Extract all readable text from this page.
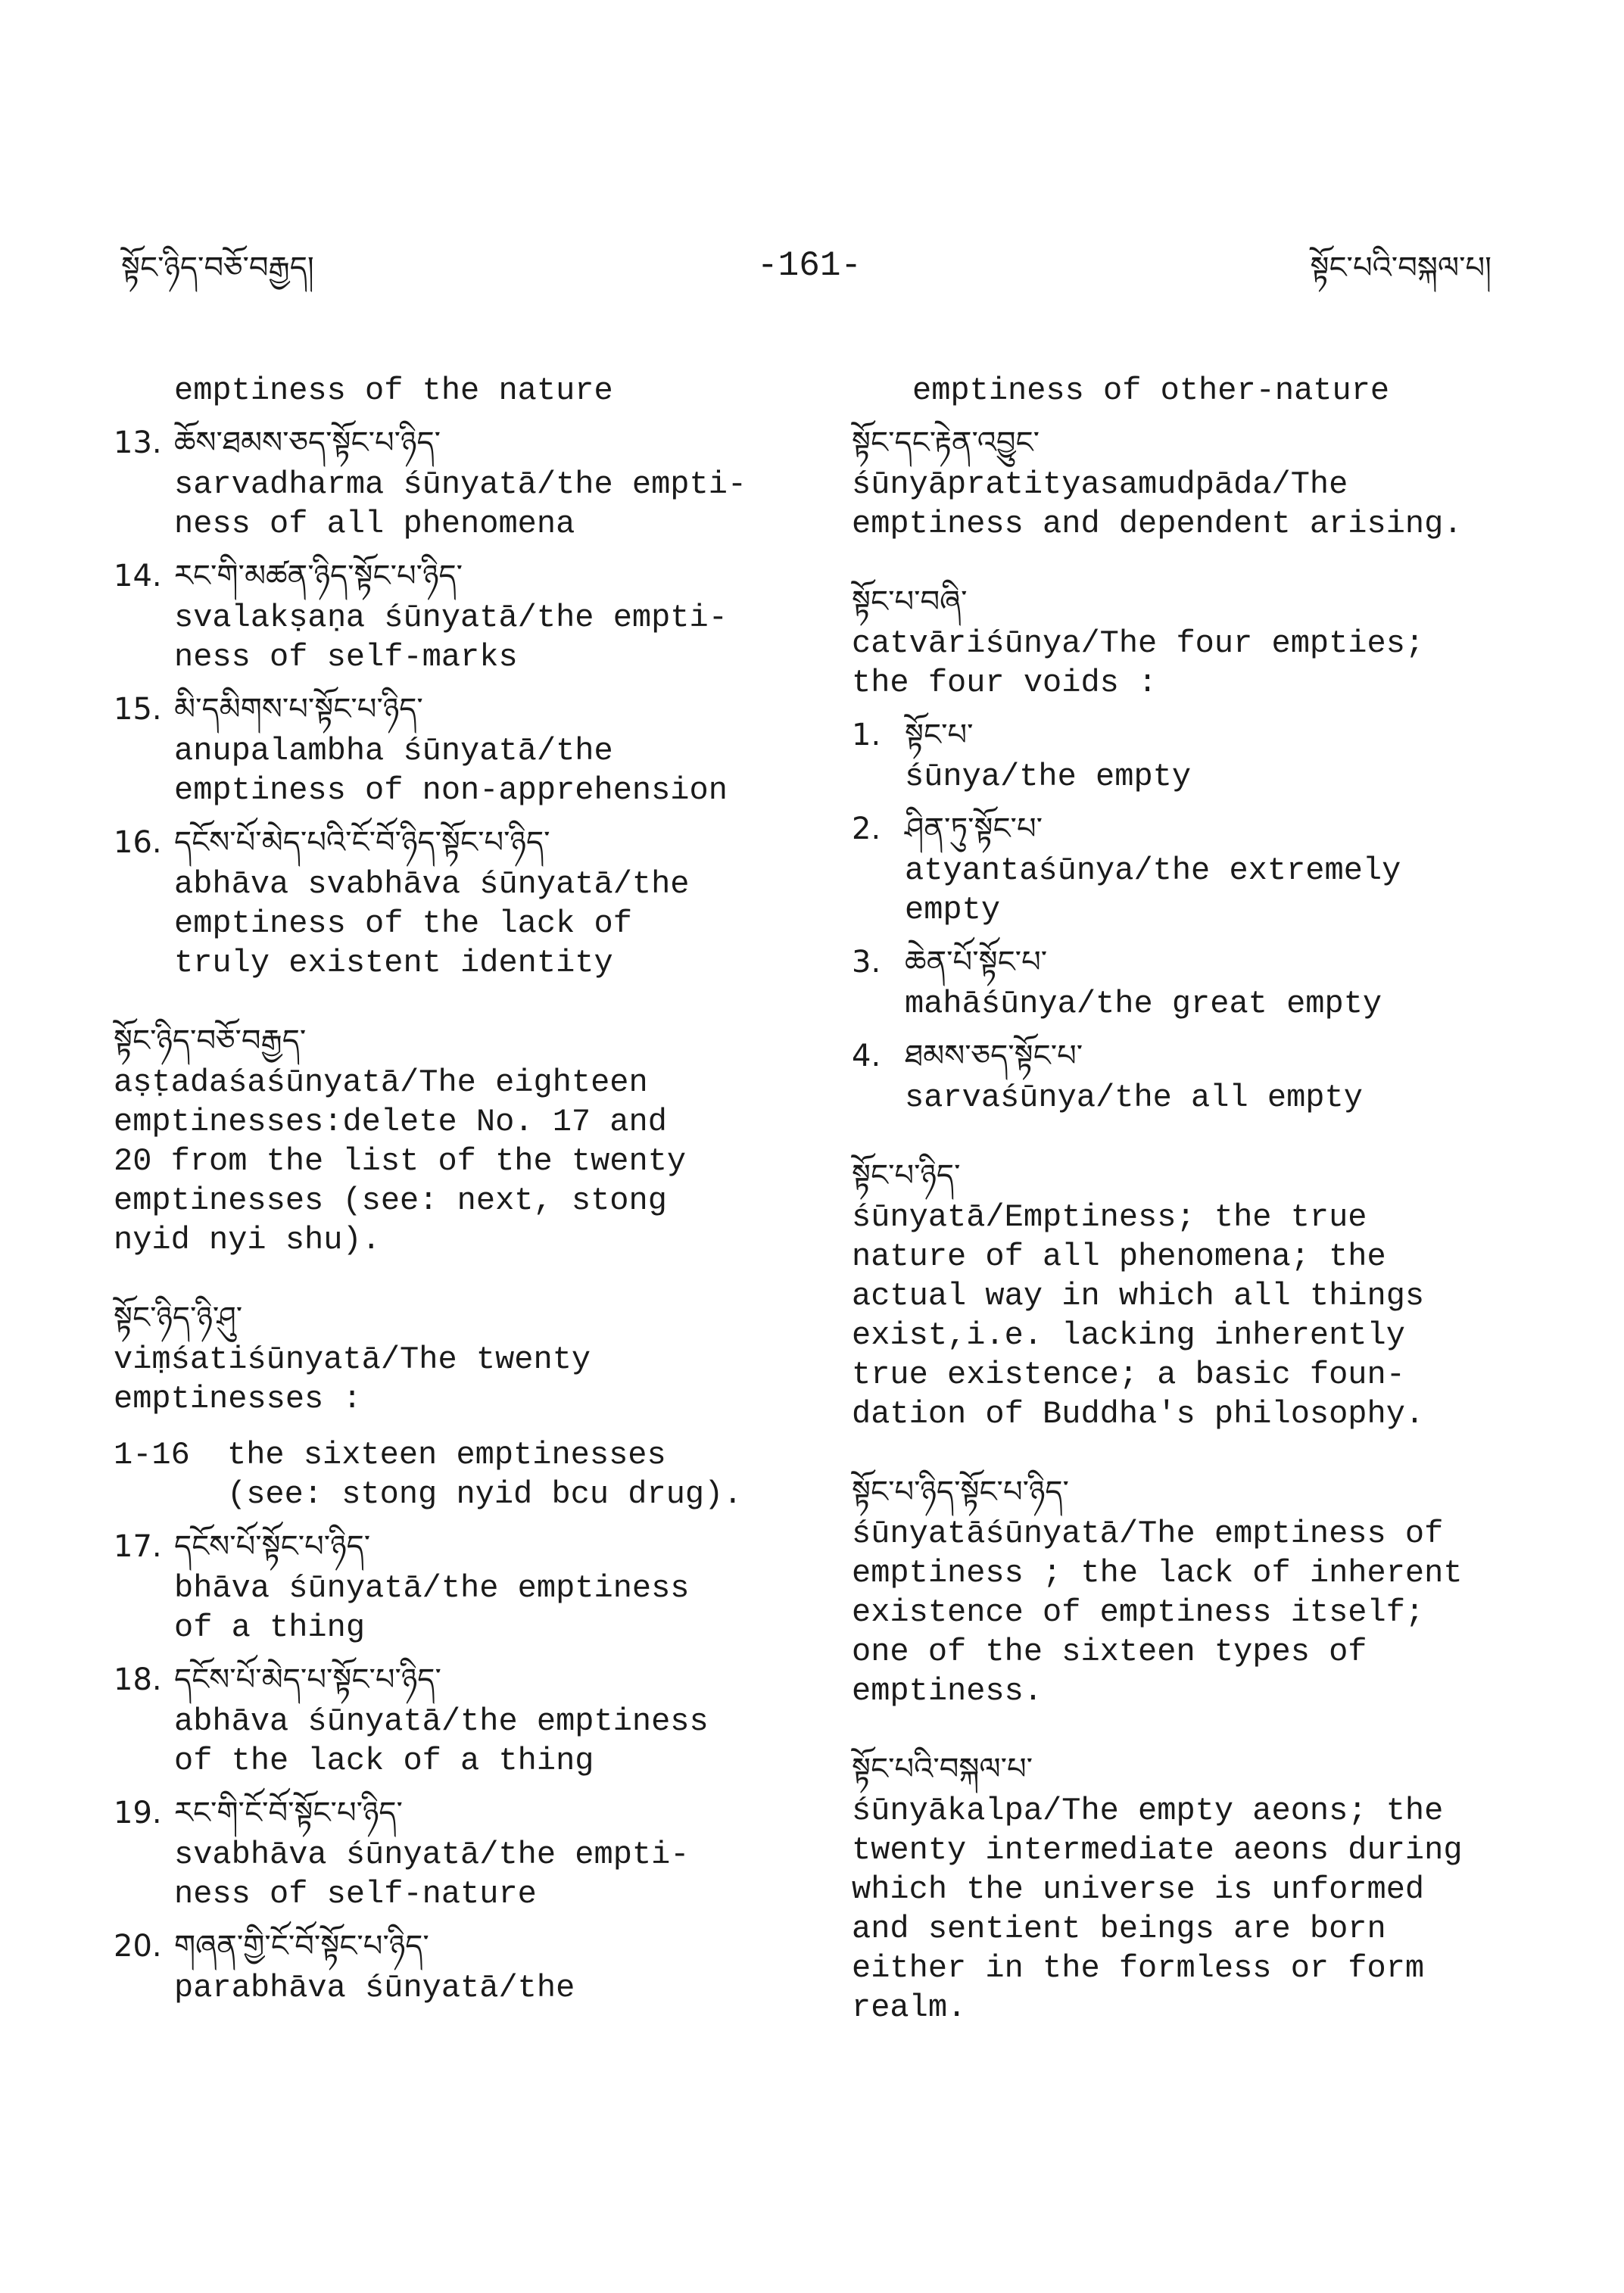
སྟོང་ཉིད་བཅོ་བརྒྱད།	-161-	སྟོང་པའི་བསྐལ་པ།
emptiness of the nature
13. ཆོས་ཐམས་ཅད་སྟོང་པ་ཉིད་
sarvadharma śūnyatā/the empti-
ness of all phenomena
14. རང་གི་མཚན་ཉིད་སྟོང་པ་ཉིད་
svalakṣaṇa śūnyatā/the empti-
ness of self-marks
15. མི་དམིགས་པ་སྟོང་པ་ཉིད་
anupalambha śūnyatā/the
emptiness of non-apprehension
16. དངོས་པོ་མེད་པའི་ངོ་བོ་ཉིད་སྟོང་པ་ཉིད་
abhāva svabhāva śūnyatā/the
emptiness of the lack of
truly existent identity
སྟོང་ཉིད་བཅོ་བརྒྱད་
aṣṭadaśaśūnyatā/The eighteen
emptinesses:delete No. 17 and
20 from the list of the twenty
emptinesses (see: next, stong
nyid nyi shu).
སྟོང་ཉིད་ཉི་ཤུ་
viṃśatiśūnyatā/The twenty
emptinesses :
1-16 the sixteen emptinesses
(see: stong nyid bcu drug).
17. དངོས་པོ་སྟོང་པ་ཉིད་
bhāva śūnyatā/the emptiness
of a thing
18. དངོས་པོ་མེད་པ་སྟོང་པ་ཉིད་
abhāva śūnyatā/the emptiness
of the lack of a thing
19. རང་གི་ངོ་བོ་སྟོང་པ་ཉིད་
svabhāva śūnyatā/the empti-
ness of self-nature
20. གཞན་གྱི་ངོ་བོ་སྟོང་པ་ཉིད་
parabhāva śūnyatā/the
emptiness of other-nature
སྟོང་དང་རྟེན་འབྱུང་
śūnyāpratityasamudpāda/The
emptiness and dependent arising.
སྟོང་པ་བཞི་
catvāriśūnya/The four empties;
the four voids :
1. སྟོང་པ་
śūnya/the empty
2. ཤིན་ཏུ་སྟོང་པ་
atyantaśūnya/the extremely
empty
3. ཆེན་པོ་སྟོང་པ་
mahāśūnya/the great empty
4. ཐམས་ཅད་སྟོང་པ་
sarvaśūnya/the all empty
སྟོང་པ་ཉིད་
śūnyatā/Emptiness; the true
nature of all phenomena; the
actual way in which all things
exist,i.e. lacking inherently
true existence; a basic foun-
dation of Buddha's philosophy.
སྟོང་པ་ཉིད་སྟོང་པ་ཉིད་
śūnyatāśūnyatā/The emptiness of
emptiness ; the lack of inherent
existence of emptiness itself;
one of the sixteen types of
emptiness.
སྟོང་པའི་བསྐལ་པ་
śūnyākalpa/The empty aeons; the
twenty intermediate aeons during
which the universe is unformed
and sentient beings are born
either in the formless or form
realm.
